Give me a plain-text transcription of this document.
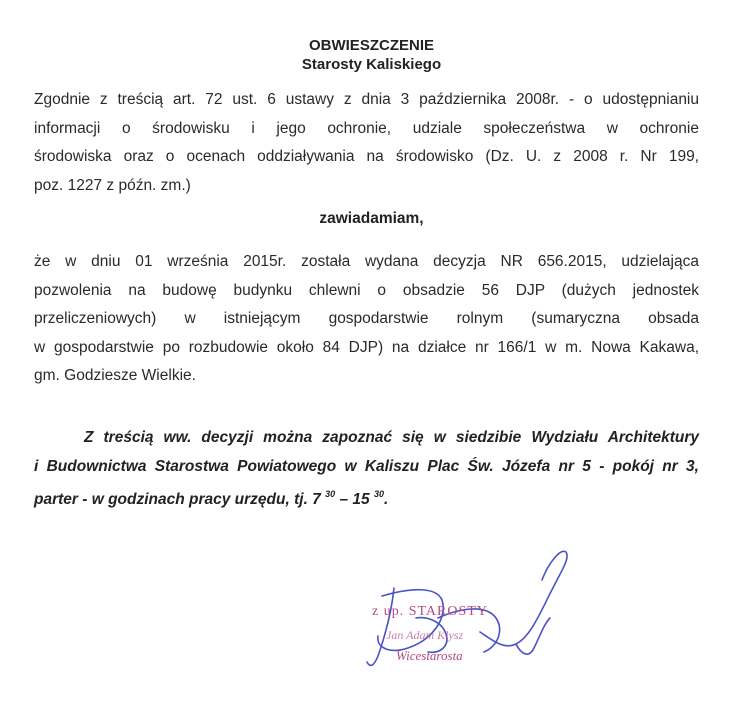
OBWIESZCZENIE
Starosty Kaliskiego
Zgodnie z treścią art. 72 ust. 6 ustawy z dnia 3 października 2008r. - o udostępnianiu
informacji o środowisku i jego ochronie, udziale społeczeństwa w ochronie
środowiska oraz o ocenach oddziaływania na środowisko (Dz. U. z 2008 r. Nr 199,
poz. 1227 z późn. zm.)
zawiadamiam,
że w dniu 01 września 2015r. została wydana decyzja NR 656.2015, udzielająca
pozwolenia na budowę budynku chlewni o obsadzie 56 DJP (dużych jednostek
przeliczeniowych) w istniejącym gospodarstwie rolnym (sumaryczna obsada
w gospodarstwie po rozbudowie około 84 DJP) na działce nr 166/1 w m. Nowa Kakawa,
gm. Godziesze Wielkie.
Z treścią ww. decyzji można zapoznać się w siedzibie Wydziału Architektury
i Budownictwa Starostwa Powiatowego w Kaliszu Plac Św. Józefa nr 5 - pokój nr 3,
parter - w godzinach pracy urzędu, tj. 7 $^{30}$ – 15 $^{30}$.
z up. STAROSTY
Jan Adam Kłysz
Wicestarosta
